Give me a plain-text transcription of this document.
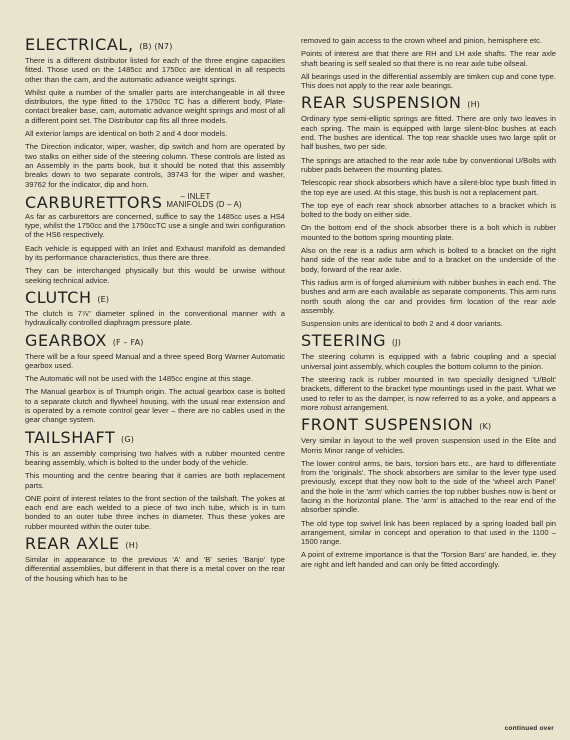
ELECTRICAL, (B) (N7)

There is a different distributor listed for each of the three engine capacities fitted. Those used on the 1485cc and 1750cc are identical in all respects other than the cam, and the automatic advance weight springs.

Whilst quite a number of the smaller parts are interchangeable in all three distributors, the type fitted to the 1750cc TC has a different body, Plate-contact breaker base, cam, automatic advance weight springs and most of all a different point set. The Distributor cap fits all three models.

All exterior lamps are identical on both 2 and 4 door models.

The Direction indicator, wiper, washer, dip switch and horn are operated by two stalks on either side of the steering column. These controls are listed as an Assembly in the parts book, but it should be noted that this assembly breaks down to two separate controls, 39743 for the wiper and washer, 39762 for the indicator, dip and horn.

CARBURETTORS	– INLET
MANIFOLDS (D – A)

As far as carburettors are concerned, suffice to say the 1485cc uses a HS4 type, whilst the 1750cc and the 1750ccTC use a single and twin configuration of the HS6 respectively.

Each vehicle is equipped with an Inlet and Exhaust manifold as demanded by its performance characteristics, thus there are three.

They can be interchanged physically but this would be unwise without seeking technical advice.

CLUTCH (E)

The clutch is 7⅞" diameter splined in the conventional manner with a hydraulically controlled diaphragm pressure plate.

GEARBOX (F – FA)

There will be a four speed Manual and a three speed Borg Warner Automatic gearbox used.

The Automatic will not be used with the 1485cc engine at this stage.

The Manual gearbox is of Triumph origin. The actual gearbox case is bolted to a separate clutch and flywheel housing, with the usual rear extension and is operated by a remote control gear lever – there are no cables used in the gear change system.

TAILSHAFT (G)

This is an assembly comprising two halves with a rubber mounted centre bearing assembly, which is bolted to the under body of the vehicle.

This mounting and the centre bearing that it carries are both replacement parts.

ONE point of interest relates to the front section of the tailshaft. The yokes at each end are each welded to a piece of two inch tube, which is in turn bonded to an outer tube three inches in diameter. Thus these yokes are rubber mounted within the outer tube.

REAR AXLE (H)

Similar in appearance to the previous 'A' and 'B' series 'Banjo' type differential assemblies, but different in that there is a metal cover on the rear of the housing which has to be

removed to gain access to the crown wheel and pinion, hemisphere etc.

Points of interest are that there are RH and LH axle shafts. The rear axle shaft bearing is self sealed so that there is no rear axle tube oilseal.

All bearings used in the differential assembly are timken cup and cone type. This does not apply to the rear axle bearings.

REAR SUSPENSION (H)

Ordinary type semi-elliptic springs are fitted. There are only two leaves in each spring. The main is equipped with large silent-bloc bushes at each end. The bushes are identical. The top rear shackle uses two large split or half bushes, two per side.

The springs are attached to the rear axle tube by conventional U/Bolts with rubber pads between the mounting plates.

Telescopic rear shock absorbers which have a silent-bloc type bush fitted in the top eye are used. At this stage, this bush is not a replacement part.

The top eye of each rear shock absorber attaches to a bracket which is bolted to the body on either side.

On the bottom end of the shock absorber there is a bolt which is rubber mounted to the bottom spring mounting plate.

Also on the rear is a radius arm which is bolted to a bracket on the right hand side of the rear axle tube and to a bracket on the underside of the body, forward of the rear axle.

This radius arm is of forged aluminium with rubber bushes in each end. The bushes and arm are each available as separate components. This arm runs north south along the car and provides firm location of the rear axle assembly.

Suspension units are identical to both 2 and 4 door variants.

STEERING (J)

The steering column is equipped with a fabric coupling and a special universal joint assembly, which couples the bottom column to the pinion.

The steering rack is rubber mounted in two specially designed 'U/Bolt' brackets, different to the bracket type mountings used in the past. What we used to refer to as the damper, is now referred to as a yoke, and appears a more robust arrangement.

FRONT SUSPENSION (K)

Very similar in layout to the well proven suspension used in the Elite and Morris Minor range of vehicles.

The lower control arms, tie bars, torsion bars etc., are hard to differentiate from the 'originals'. The shock absorbers are similar to the lever type used previously, except that they now bolt to the side of the 'wheel arch Panel' and the hole in the 'arm' which carries the top rubber bushes now is bent or facing in the horizontal plane. The 'arm' is attached to the rear end of the absorber spindle.

The old type top swivel link has been replaced by a spring loaded ball pin arrangement, similar in concept and operation to that used in the 1100 – 1500 range.

A point of extreme importance is that the 'Torsion Bars' are handed, ie. they are right and left handed and can only be fitted accordingly.

continued over
